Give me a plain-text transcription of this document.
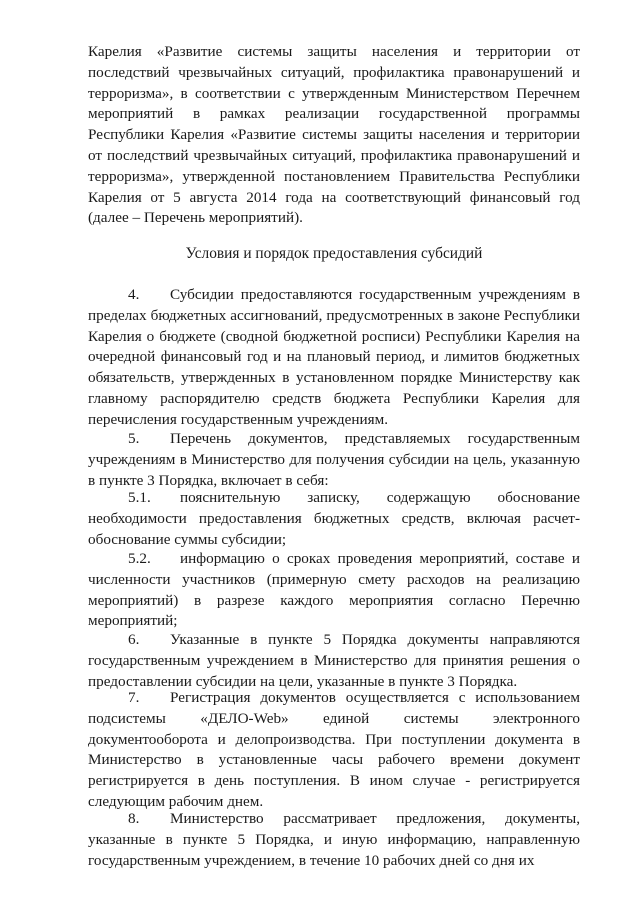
Карелия «Развитие системы защиты населения и территории от последствий чрезвычайных ситуаций, профилактика правонарушений и терроризма», в соответствии с утвержденным Министерством Перечнем мероприятий в рамках реализации государственной программы Республики Карелия «Развитие системы защиты населения и территории от последствий чрезвычайных ситуаций, профилактика правонарушений и терроризма», утвержденной постановлением Правительства Республики Карелия от 5 августа 2014 года на соответствующий финансовый год (далее – Перечень мероприятий).

Условия и порядок предоставления субсидий

4. Субсидии предоставляются государственным учреждениям в пределах бюджетных ассигнований, предусмотренных в законе Республики Карелия о бюджете (сводной бюджетной росписи) Республики Карелия на очередной финансовый год и на плановый период, и лимитов бюджетных обязательств, утвержденных в установленном порядке Министерству как главному распорядителю средств бюджета Республики Карелия для перечисления государственным учреждениям.

5. Перечень документов, представляемых государственным учреждениям в Министерство для получения субсидии на цель, указанную в пункте 3 Порядка, включает в себя:

5.1. пояснительную записку, содержащую обоснование необходимости предоставления бюджетных средств, включая расчет-обоснование суммы субсидии;

5.2. информацию о сроках проведения мероприятий, составе и численности участников (примерную смету расходов на реализацию мероприятий) в разрезе каждого мероприятия согласно Перечню мероприятий;

6. Указанные в пункте 5 Порядка документы направляются государственным учреждением в Министерство для принятия решения о предоставлении субсидии на цели, указанные в пункте 3 Порядка.

7. Регистрация документов осуществляется с использованием подсистемы «ДЕЛО-Web» единой системы электронного документооборота и делопроизводства. При поступлении документа в Министерство в установленные часы рабочего времени документ регистрируется в день поступления. В ином случае - регистрируется следующим рабочим днем.

8. Министерство рассматривает предложения, документы, указанные в пункте 5 Порядка, и иную информацию, направленную государственным учреждением, в течение 10 рабочих дней со дня их
